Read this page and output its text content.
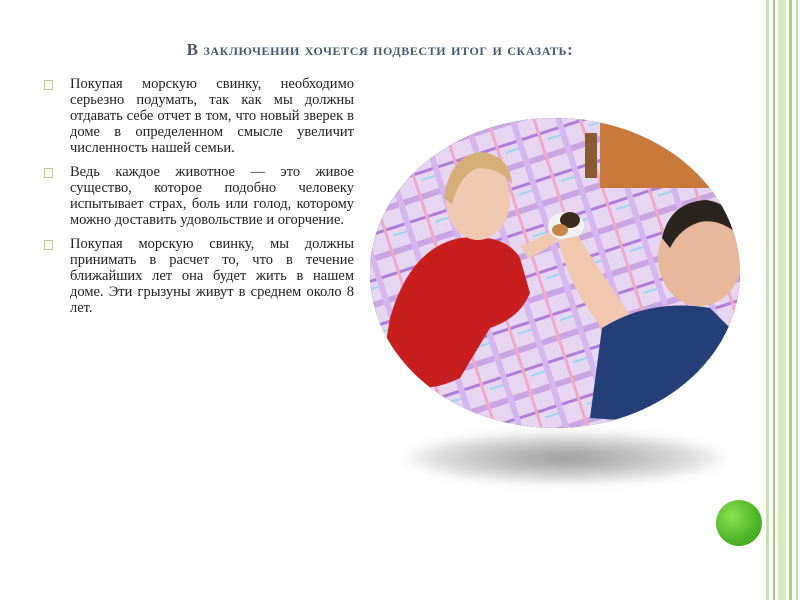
В заключении хочется подвести итог и сказать:
Покупая морскую свинку, необходимо серьезно подумать, так как мы должны отдавать себе отчет в том, что новый зверек в доме в определенном смысле увеличит численность нашей семьи.
Ведь каждое животное — это живое существо, которое подобно человеку испытывает страх, боль или голод, которому можно доставить удовольствие и огорчение.
Покупая морскую свинку, мы должны принимать в расчет то, что в течение ближайших лет она будет жить в нашем доме. Эти грызуны живут в среднем около 8 лет.
